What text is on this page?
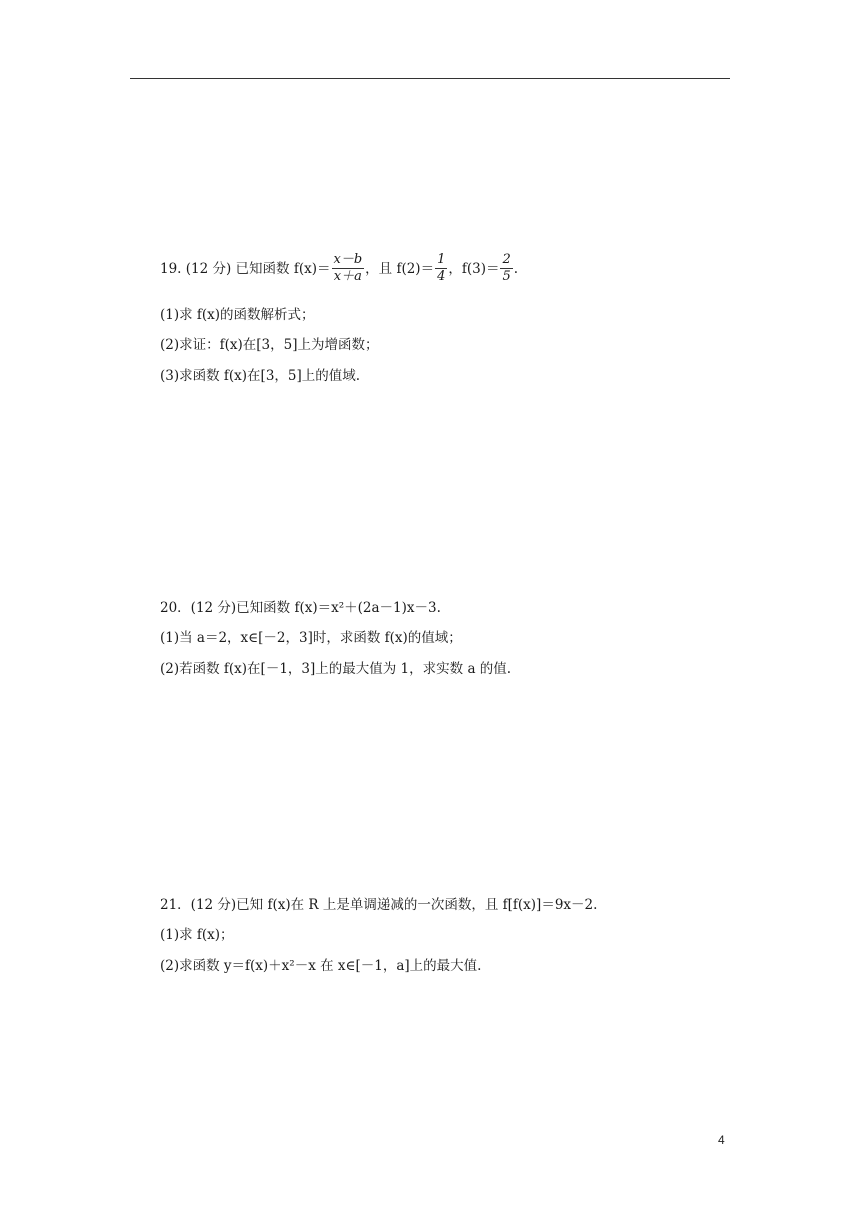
19. (12 分) 已知函数 $f(x)= \frac{x-b}{x+a}$ ，且 $f(2)= \frac{1}{4}$ ，$f(3)= \frac{2}{5}$ .
(1)求 f(x)的函数解析式；
(2)求证：f(x)在[3，5]上为增函数；
(3)求函数 f(x)在[3，5]上的值域.
20．(12 分)已知函数 f(x)＝x²＋(2a－1)x－3.
(1)当 a＝2，x∈[－2，3]时，求函数 f(x)的值域；
(2)若函数 f(x)在[－1，3]上的最大值为 1，求实数 a 的值.
21．(12 分)已知 f(x)在 R 上是单调递减的一次函数，且 f[f(x)]＝9x－2.
(1)求 f(x)；
(2)求函数 y＝f(x)＋x²－x 在 x∈[－1，a]上的最大值.
4
